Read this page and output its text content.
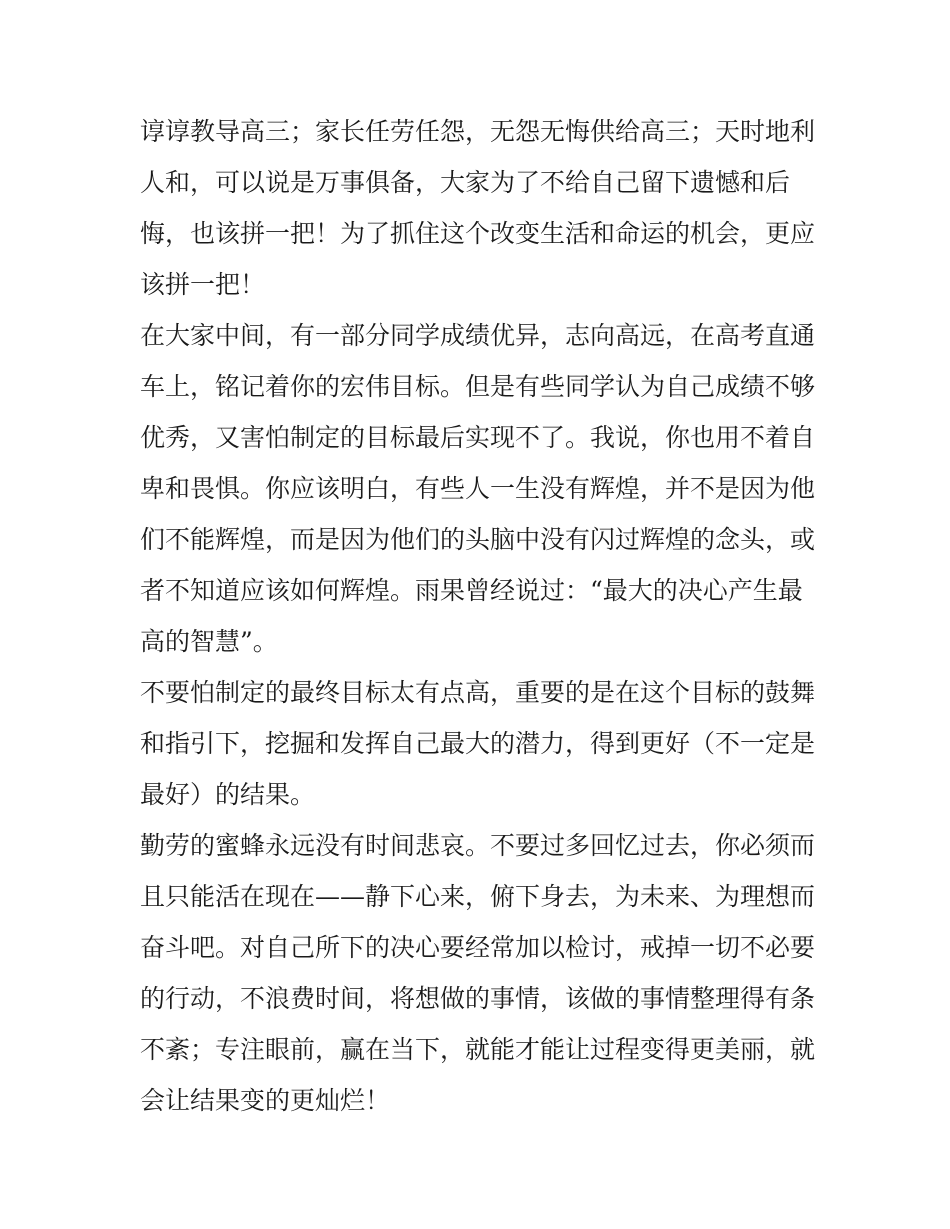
谆谆教导高三；家长任劳任怨，无怨无悔供给高三；天时地利
人和，可以说是万事俱备，大家为了不给自己留下遗憾和后
悔，也该拼一把！为了抓住这个改变生活和命运的机会，更应
该拼一把！
在大家中间，有一部分同学成绩优异，志向高远，在高考直通
车上，铭记着你的宏伟目标。但是有些同学认为自己成绩不够
优秀，又害怕制定的目标最后实现不了。我说，你也用不着自
卑和畏惧。你应该明白，有些人一生没有辉煌，并不是因为他
们不能辉煌，而是因为他们的头脑中没有闪过辉煌的念头，或
者不知道应该如何辉煌。雨果曾经说过：“最大的决心产生最
高的智慧”。
不要怕制定的最终目标太有点高，重要的是在这个目标的鼓舞
和指引下，挖掘和发挥自己最大的潜力，得到更好（不一定是
最好）的结果。
勤劳的蜜蜂永远没有时间悲哀。不要过多回忆过去，你必须而
且只能活在现在——静下心来，俯下身去，为未来、为理想而
奋斗吧。对自己所下的决心要经常加以检讨，戒掉一切不必要
的行动，不浪费时间，将想做的事情，该做的事情整理得有条
不紊；专注眼前，赢在当下，就能才能让过程变得更美丽，就
会让结果变的更灿烂！
